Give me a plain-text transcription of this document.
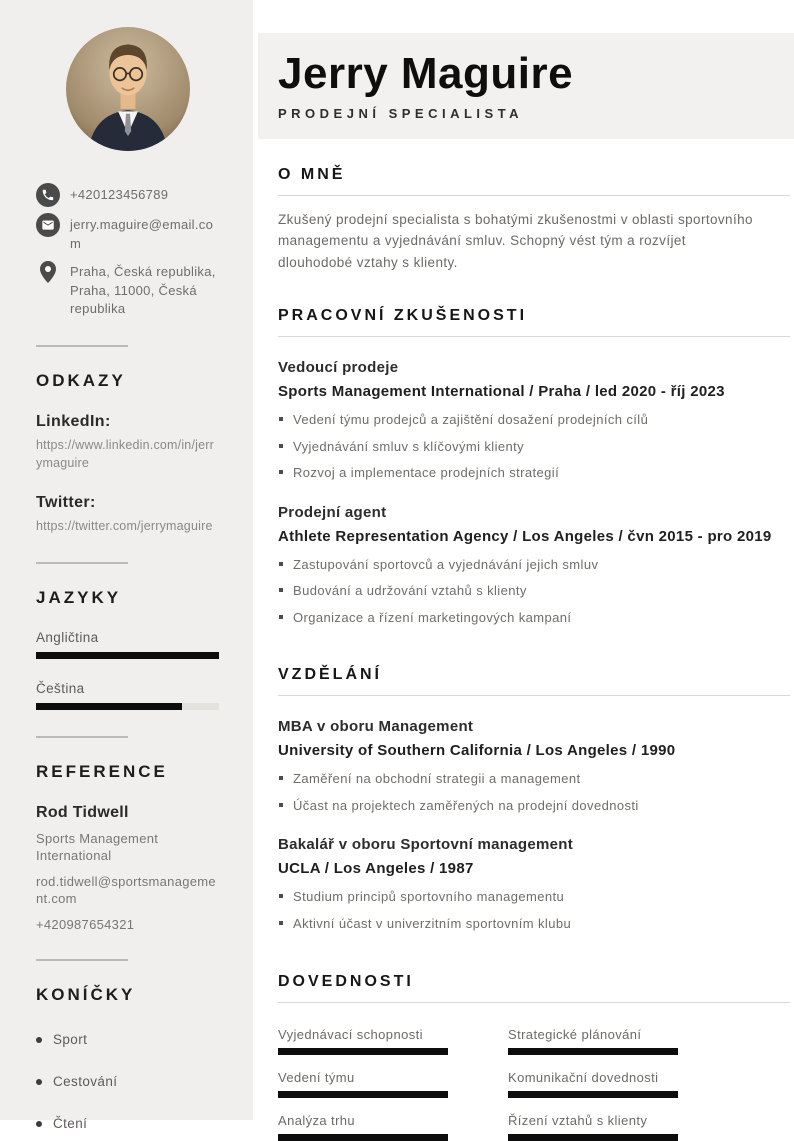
+420123456789
jerry.maguire@email.com
Praha, Česká republika, Praha, 11000, Česká republika
ODKAZY
LinkedIn:
https://www.linkedin.com/in/jerrymaguire
Twitter:
https://twitter.com/jerrymaguire
JAZYKY
Angličtina
Čeština
REFERENCE
Rod Tidwell
Sports Management International
rod.tidwell@sportsmanagement.com
+420987654321
KONÍČKY
Sport
Cestování
Čtení
Jerry Maguire
PRODEJNÍ SPECIALISTA
O MNĚ

Zkušený prodejní specialista s bohatými zkušenostmi v oblasti sportovního managementu a vyjednávání smluv. Schopný vést tým a rozvíjet dlouhodobé vztahy s klienty.

PRACOVNÍ ZKUŠENOSTI
Vedoucí prodeje
Sports Management International / Praha / led 2020 - říj 2023
Vedení týmu prodejců a zajištění dosažení prodejních cílů
Vyjednávání smluv s klíčovými klienty
Rozvoj a implementace prodejních strategií
Prodejní agent
Athlete Representation Agency / Los Angeles / čvn 2015 - pro 2019
Zastupování sportovců a vyjednávání jejich smluv
Budování a udržování vztahů s klienty
Organizace a řízení marketingových kampaní
VZDĚLÁNÍ
MBA v oboru Management
University of Southern California / Los Angeles / 1990
Zaměření na obchodní strategii a management
Účast na projektech zaměřených na prodejní dovednosti
Bakalář v oboru Sportovní management
UCLA / Los Angeles / 1987
Studium principů sportovního managementu
Aktivní účast v univerzitním sportovním klubu
DOVEDNOSTI
Vyjednávací schopnosti	Strategické plánování
Vedení týmu	Komunikační dovednosti
Analýza trhu	Řízení vztahů s klienty
